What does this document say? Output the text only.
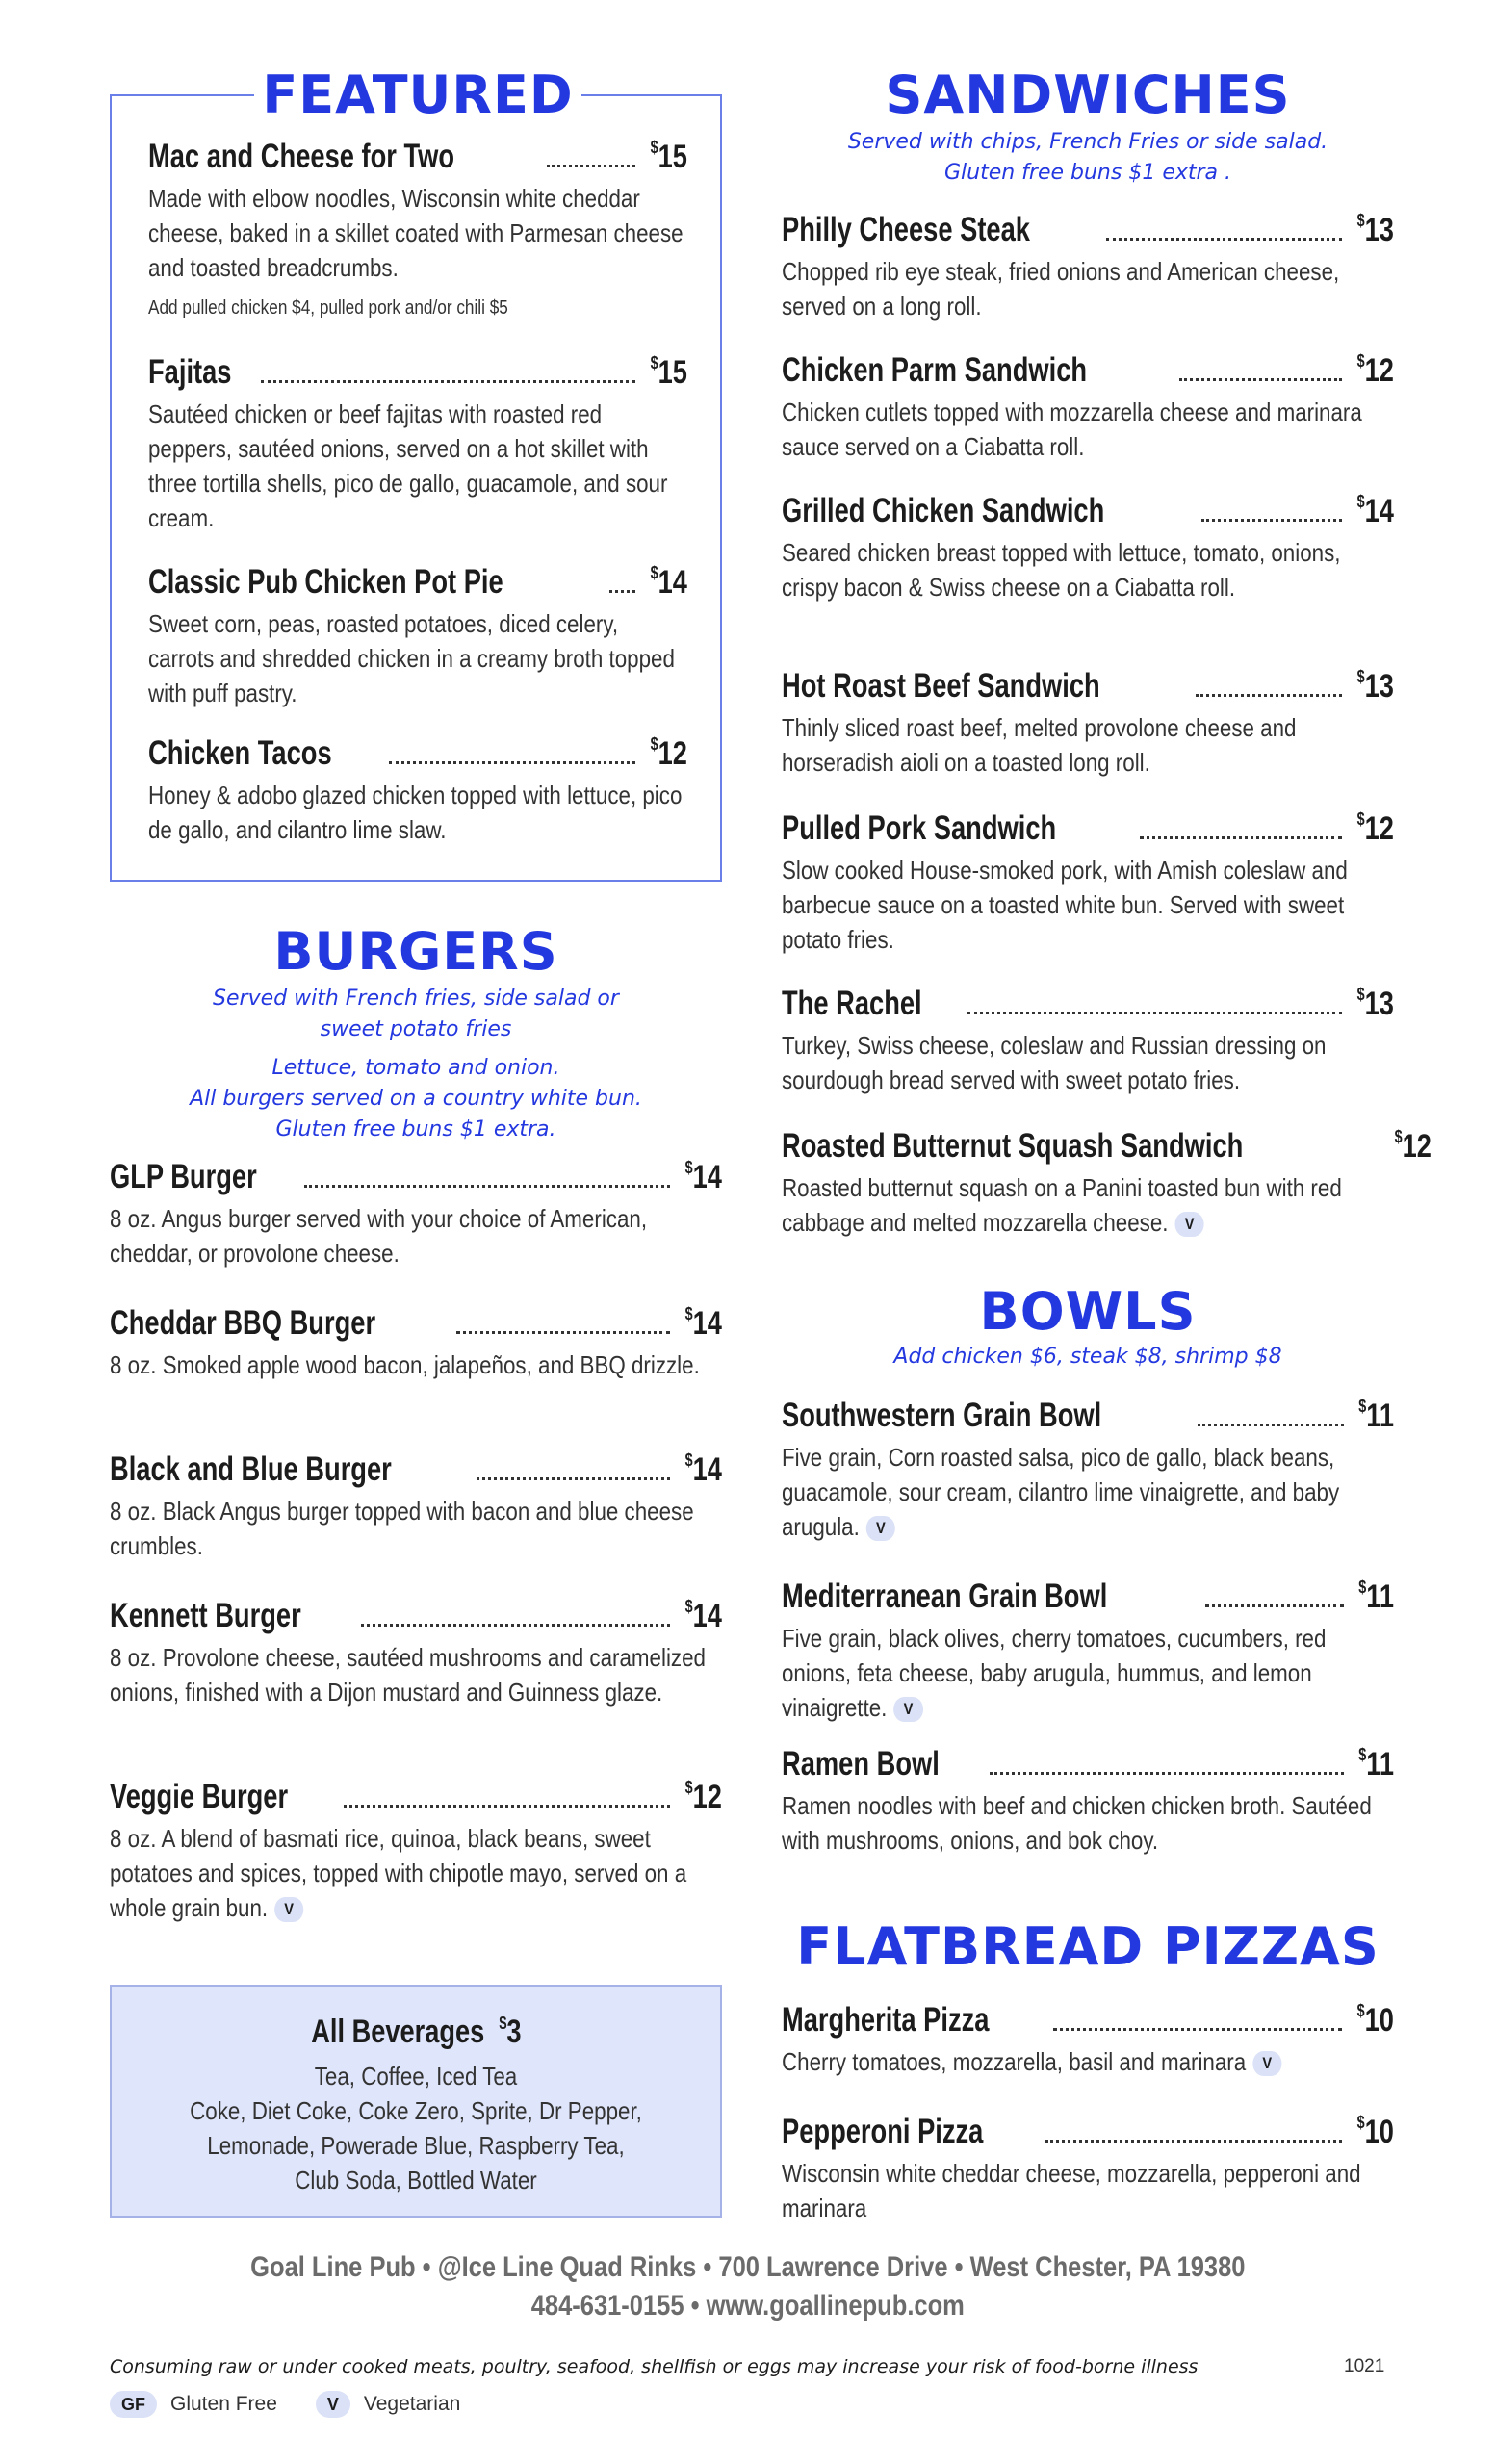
FEATURED
Mac and Cheese for Two	$15
Made with elbow noodles, Wisconsin white cheddar cheese, baked in a skillet coated with Parmesan cheese and toasted breadcrumbs.
Add pulled chicken $4, pulled pork and/or chili $5
Fajitas	$15
Sautéed chicken or beef fajitas with roasted red peppers, sautéed onions, served on a hot skillet with three tortilla shells, pico de gallo, guacamole, and sour cream.
Classic Pub Chicken Pot Pie	$14
Sweet corn, peas, roasted potatoes, diced celery, carrots and shredded chicken in a creamy broth topped with puff pastry.
Chicken Tacos	$12
Honey & adobo glazed chicken topped with lettuce, pico de gallo, and cilantro lime slaw.
BURGERS
Served with French fries, side salad or
sweet potato fries
Lettuce, tomato and onion.
All burgers served on a country white bun.
Gluten free buns $1 extra.
GLP Burger	$14
8 oz. Angus burger served with your choice of American, cheddar, or provolone cheese.
Cheddar BBQ Burger	$14
8 oz. Smoked apple wood bacon, jalapeños, and BBQ drizzle.
Black and Blue Burger	$14
8 oz. Black Angus burger topped with bacon and blue cheese crumbles.
Kennett Burger	$14
8 oz. Provolone cheese, sautéed mushrooms and caramelized onions, finished with a Dijon mustard and Guinness glaze.
Veggie Burger	$12
8 oz. A blend of basmati rice, quinoa, black beans, sweet potatoes and spices, topped with chipotle mayo, served on a whole grain bun. V
All Beverages $3
Tea, Coffee, Iced Tea
Coke, Diet Coke, Coke Zero, Sprite, Dr Pepper,
Lemonade, Powerade Blue, Raspberry Tea,
Club Soda, Bottled Water
SANDWICHES
Served with chips, French Fries or side salad.
Gluten free buns $1 extra .
Philly Cheese Steak	$13
Chopped rib eye steak, fried onions and American cheese, served on a long roll.
Chicken Parm Sandwich	$12
Chicken cutlets topped with mozzarella cheese and marinara sauce served on a Ciabatta roll.
Grilled Chicken Sandwich	$14
Seared chicken breast topped with lettuce, tomato, onions, crispy bacon & Swiss cheese on a Ciabatta roll.
Hot Roast Beef Sandwich	$13
Thinly sliced roast beef, melted provolone cheese and horseradish aioli on a toasted long roll.
Pulled Pork Sandwich	$12
Slow cooked House-smoked pork, with Amish coleslaw and barbecue sauce on a toasted white bun. Served with sweet potato fries.
The Rachel	$13
Turkey, Swiss cheese, coleslaw and Russian dressing on sourdough bread served with sweet potato fries.
Roasted Butternut Squash Sandwich	$12
Roasted butternut squash on a Panini toasted bun with red cabbage and melted mozzarella cheese. V
BOWLS
Add chicken $6, steak $8, shrimp $8
Southwestern Grain Bowl	$11
Five grain, Corn roasted salsa, pico de gallo, black beans, guacamole, sour cream, cilantro lime vinaigrette, and baby arugula. V
Mediterranean Grain Bowl	$11
Five grain, black olives, cherry tomatoes, cucumbers, red onions, feta cheese, baby arugula, hummus, and lemon vinaigrette. V
Ramen Bowl	$11
Ramen noodles with beef and chicken chicken broth. Sautéed with mushrooms, onions, and bok choy.
FLATBREAD PIZZAS
Margherita Pizza	$10
Cherry tomatoes, mozzarella, basil and marinara V
Pepperoni Pizza	$10
Wisconsin white cheddar cheese, mozzarella, pepperoni and marinara
Goal Line Pub • @Ice Line Quad Rinks • 700 Lawrence Drive • West Chester, PA 19380
484-631-0155 • www.goallinepub.com
Consuming raw or under cooked meats, poultry, seafood, shellfish or eggs may increase your risk of food-borne illness	1021
GF	Gluten Free	V	Vegetarian
